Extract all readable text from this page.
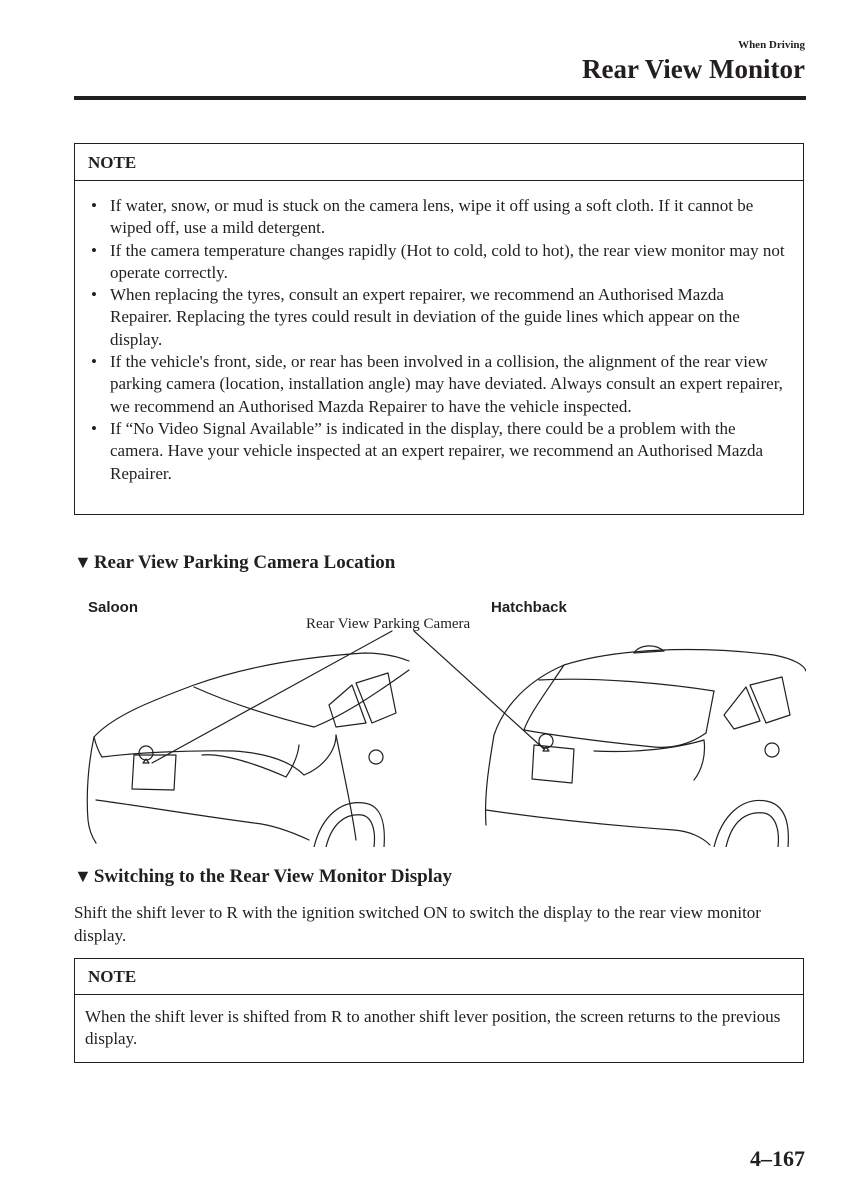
When Driving
Rear View Monitor
NOTE
• If water, snow, or mud is stuck on the camera lens, wipe it off using a soft cloth. If it cannot be wiped off, use a mild detergent.
• If the camera temperature changes rapidly (Hot to cold, cold to hot), the rear view monitor may not operate correctly.
• When replacing the tyres, consult an expert repairer, we recommend an Authorised Mazda Repairer. Replacing the tyres could result in deviation of the guide lines which appear on the display.
• If the vehicle's front, side, or rear has been involved in a collision, the alignment of the rear view parking camera (location, installation angle) may have deviated. Always consult an expert repairer, we recommend an Authorised Mazda Repairer to have the vehicle inspected.
• If “No Video Signal Available” is indicated in the display, there could be a problem with the camera. Have your vehicle inspected at an expert repairer, we recommend an Authorised Mazda Repairer.
▼ Rear View Parking Camera Location
Saloon	Hatchback
Rear View Parking Camera
▼ Switching to the Rear View Monitor Display
Shift the shift lever to R with the ignition switched ON to switch the display to the rear view monitor display.
NOTE
When the shift lever is shifted from R to another shift lever position, the screen returns to the previous display.
4–167
